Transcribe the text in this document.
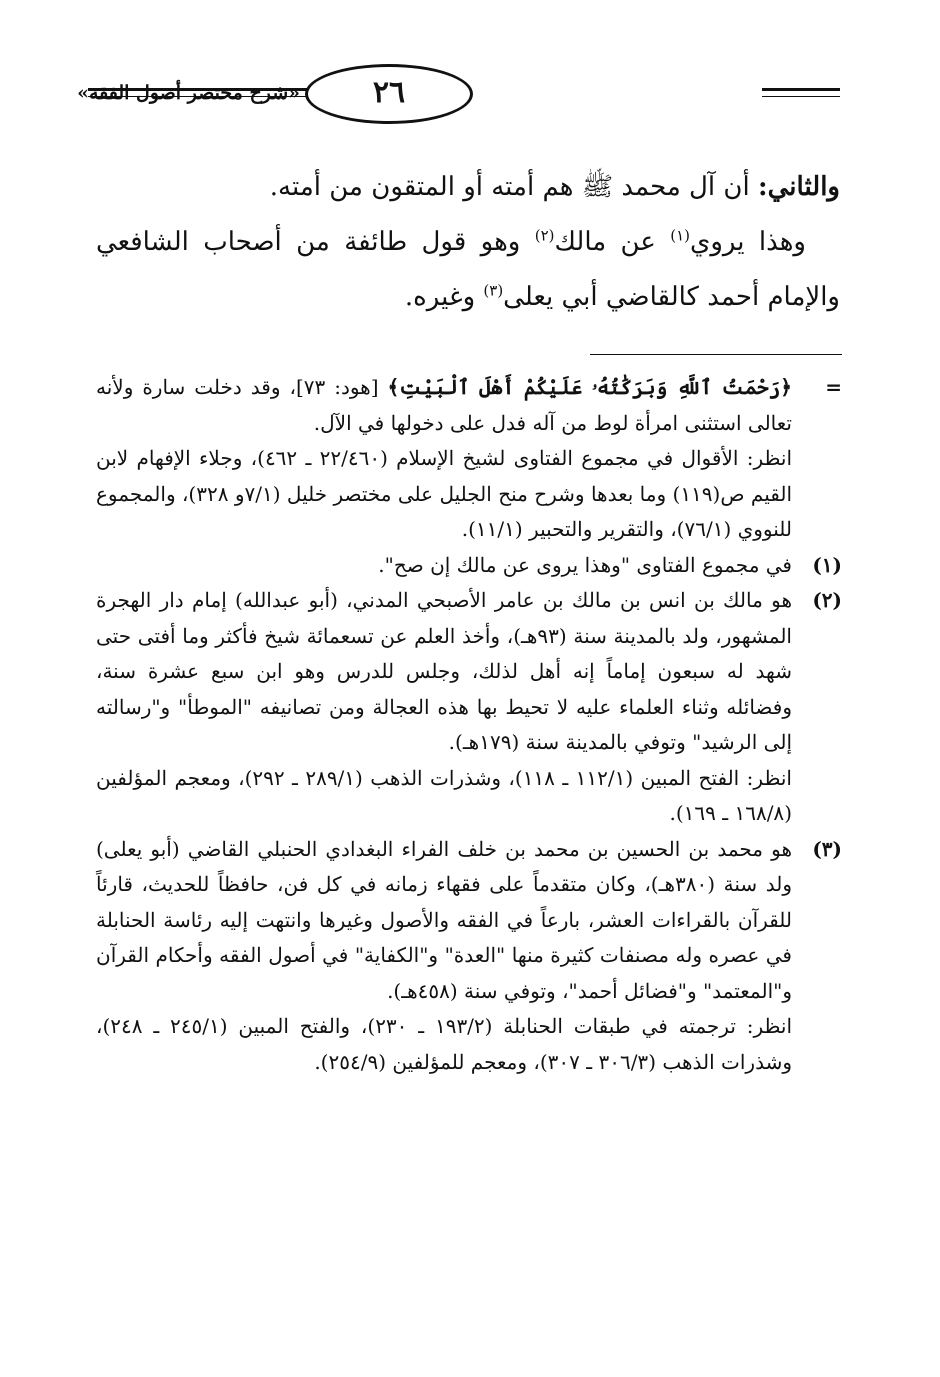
٢٦
«شرح مختصر أصول الفقه»

والثاني: أن آل محمد ﷺ هم أمته أو المتقون من أمته.

وهذا يروي$^{(١)}$ عن مالك$^{(٢)}$ وهو قول طائفة من أصحاب الشافعي والإمام أحمد كالقاضي أبي يعلى$^{(٣)}$ وغيره.

=

﴿رَحْمَتُ ٱللَّهِ وَبَرَكَٰتُهُۥ عَلَيْكُمْ أَهْلَ ٱلْبَيْتِ﴾ [هود: ٧٣]، وقد دخلت سارة ولأنه تعالى استثنى امرأة لوط من آله فدل على دخولها في الآل.

انظر: الأقوال في مجموع الفتاوى لشيخ الإسلام (٢٢/٤٦٠ ـ ٤٦٢)، وجلاء الإفهام لابن القيم ص(١١٩) وما بعدها وشرح منح الجليل على مختصر خليل (٧/١و ٣٢٨)، والمجموع للنووي (٧٦/١)، والتقرير والتحبير (١١/١).

(١)

في مجموع الفتاوى "وهذا يروى عن مالك إن صح".

(٢)

هو مالك بن انس بن مالك بن عامر الأصبحي المدني، (أبو عبدالله) إمام دار الهجرة المشهور، ولد بالمدينة سنة (٩٣هـ)، وأخذ العلم عن تسعمائة شيخ فأكثر وما أفتى حتى شهد له سبعون إماماً إنه أهل لذلك، وجلس للدرس وهو ابن سبع عشرة سنة، وفضائله وثناء العلماء عليه لا تحيط بها هذه العجالة ومن تصانيفه "الموطأ" و"رسالته إلى الرشيد" وتوفي بالمدينة سنة (١٧٩هـ).

انظر: الفتح المبين (١١٢/١ ـ ١١٨)، وشذرات الذهب (٢٨٩/١ ـ ٢٩٢)، ومعجم المؤلفين (١٦٨/٨ ـ ١٦٩).

(٣)

هو محمد بن الحسين بن محمد بن خلف الفراء البغدادي الحنبلي القاضي (أبو يعلى) ولد سنة (٣٨٠هـ)، وكان متقدماً على فقهاء زمانه في كل فن، حافظاً للحديث، قارئاً للقرآن بالقراءات العشر، بارعاً في الفقه والأصول وغيرها وانتهت إليه رئاسة الحنابلة في عصره وله مصنفات كثيرة منها "العدة" و"الكفاية" في أصول الفقه وأحكام القرآن و"المعتمد" و"فضائل أحمد"، وتوفي سنة (٤٥٨هـ).

انظر: ترجمته في طبقات الحنابلة (١٩٣/٢ ـ ٢٣٠)، والفتح المبين (٢٤٥/١ ـ ٢٤٨)، وشذرات الذهب (٣٠٦/٣ ـ ٣٠٧)، ومعجم للمؤلفين (٢٥٤/٩).
